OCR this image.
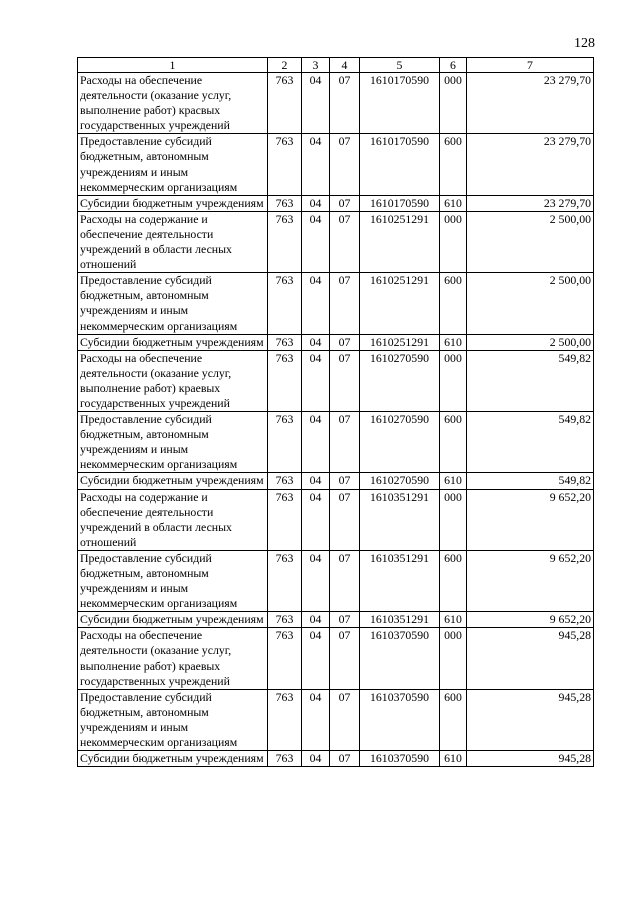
128
1	2	3	4	5	6	7
Расходы на обеспечение деятельности (оказание услуг, выполнение работ) красвых государственных учреждений	763	04	07	1610170590	000	23 279,70
Предоставление субсидий бюджетным, автономным учреждениям и иным некоммерческим организациям	763	04	07	1610170590	600	23 279,70
Субсидии бюджетным учреждениям	763	04	07	1610170590	610	23 279,70
Расходы на содержание и обеспечение деятельности учреждений в области лесных отношений	763	04	07	1610251291	000	2 500,00
Предоставление субсидий бюджетным, автономным учреждениям и иным некоммерческим организациям	763	04	07	1610251291	600	2 500,00
Субсидии бюджетным учреждениям	763	04	07	1610251291	610	2 500,00
Расходы на обеспечение деятельности (оказание услуг, выполнение работ) краевых государственных учреждений	763	04	07	1610270590	000	549,82
Предоставление субсидий бюджетным, автономным учреждениям и иным некоммерческим организациям	763	04	07	1610270590	600	549,82
Субсидии бюджетным учреждениям	763	04	07	1610270590	610	549,82
Расходы на содержание и обеспечение деятельности учреждений в области лесных отношений	763	04	07	1610351291	000	9 652,20
Предоставление субсидий бюджетным, автономным учреждениям и иным некоммерческим организациям	763	04	07	1610351291	600	9 652,20
Субсидии бюджетным учреждениям	763	04	07	1610351291	610	9 652,20
Расходы на обеспечение деятельности (оказание услуг, выполнение работ) краевых государственных учреждений	763	04	07	1610370590	000	945,28
Предоставление субсидий бюджетным, автономным учреждениям и иным некоммерческим организациям	763	04	07	1610370590	600	945,28
Субсидии бюджетным учреждениям	763	04	07	1610370590	610	945,28
